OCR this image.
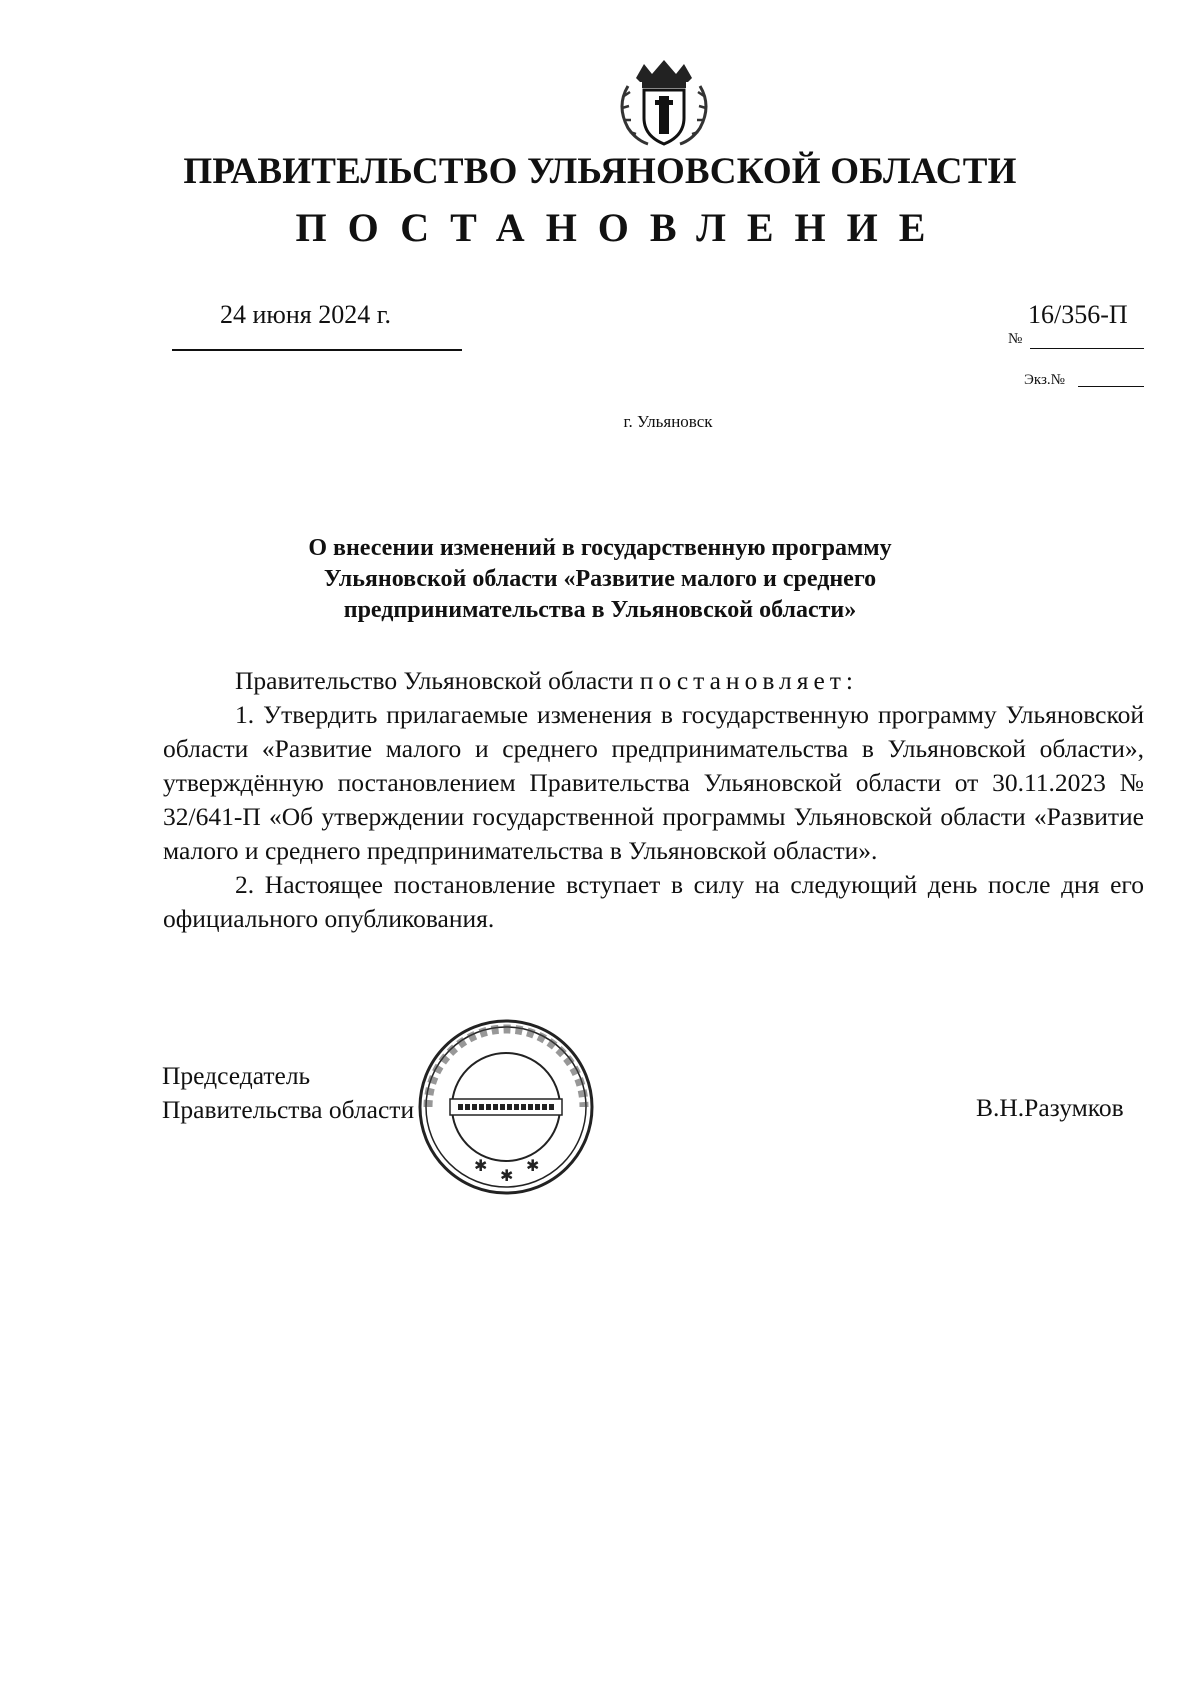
ПРАВИТЕЛЬСТВО УЛЬЯНОВСКОЙ ОБЛАСТИ
ПОСТАНОВЛЕНИЕ
24 июня 2024 г.	16/356-П
№
Экз.№
г. Ульяновск
О внесении изменений в государственную программу
Ульяновской области «Развитие малого и среднего
предпринимательства в Ульяновской области»

Правительство Ульяновской области постановляет:

1. Утвердить прилагаемые изменения в государственную программу Ульяновской области «Развитие малого и среднего предпринимательства в Ульяновской области», утверждённую постановлением Правительства Ульяновской области от 30.11.2023 № 32/641-П «Об утверждении государственной программы Ульяновской области «Развитие малого и среднего предпринимательства в Ульяновской области».

2. Настоящее постановление вступает в силу на следующий день после дня его официального опубликования.

Председатель
Правительства области	В.Н.Разумков
✱
✱
✱
